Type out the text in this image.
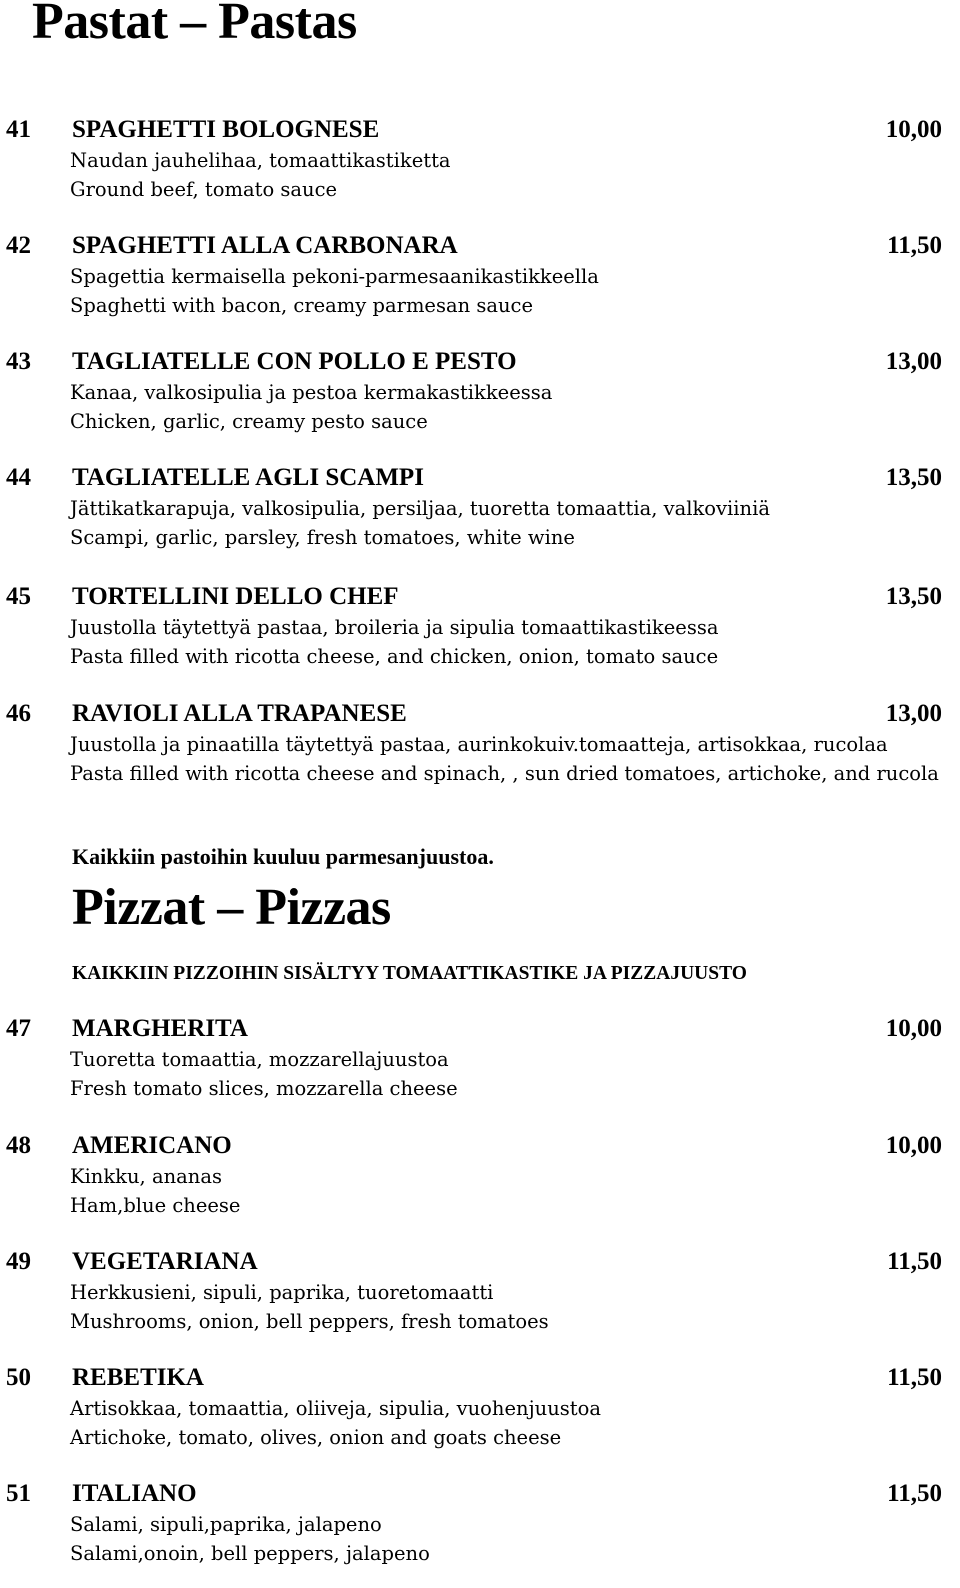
Pastat – Pastas
41 SPAGHETTI BOLOGNESE	10,00
Naudan jauhelihaa, tomaattikastiketta
Ground beef, tomato sauce
42 SPAGHETTI ALLA CARBONARA	11,50
Spagettia kermaisella pekoni-parmesaanikastikkeella
Spaghetti with bacon, creamy parmesan sauce
43 TAGLIATELLE CON POLLO E PESTO	13,00
Kanaa, valkosipulia ja pestoa kermakastikkeessa
Chicken, garlic, creamy pesto sauce
44 TAGLIATELLE AGLI SCAMPI	13,50
Jättikatkarapuja, valkosipulia, persiljaa, tuoretta tomaattia, valkoviiniä
Scampi, garlic, parsley, fresh tomatoes, white wine
45 TORTELLINI DELLO CHEF	13,50
Juustolla täytettyä pastaa, broileria ja sipulia tomaattikastikeessa
Pasta filled with ricotta cheese, and chicken, onion, tomato sauce
46 RAVIOLI ALLA TRAPANESE	13,00
Juustolla ja pinaatilla täytettyä pastaa, aurinkokuiv.tomaatteja, artisokkaa, rucolaa
Pasta filled with ricotta cheese and spinach, , sun dried tomatoes, artichoke, and rucola
Kaikkiin pastoihin kuuluu parmesanjuustoa.
Pizzat – Pizzas
KAIKKIIN PIZZOIHIN SISÄLTYY TOMAATTIKASTIKE JA PIZZAJUUSTO
47 MARGHERITA	10,00
Tuoretta tomaattia, mozzarellajuustoa
Fresh tomato slices, mozzarella cheese
48 AMERICANO	10,00
Kinkku, ananas
Ham,blue cheese
49 VEGETARIANA	11,50
Herkkusieni, sipuli, paprika, tuoretomaatti
Mushrooms, onion, bell peppers, fresh tomatoes
50 REBETIKA	11,50
Artisokkaa, tomaattia, oliiveja, sipulia, vuohenjuustoa
Artichoke, tomato, olives, onion and goats cheese
51 ITALIANO	11,50
Salami, sipuli,paprika, jalapeno
Salami,onoin, bell peppers, jalapeno
